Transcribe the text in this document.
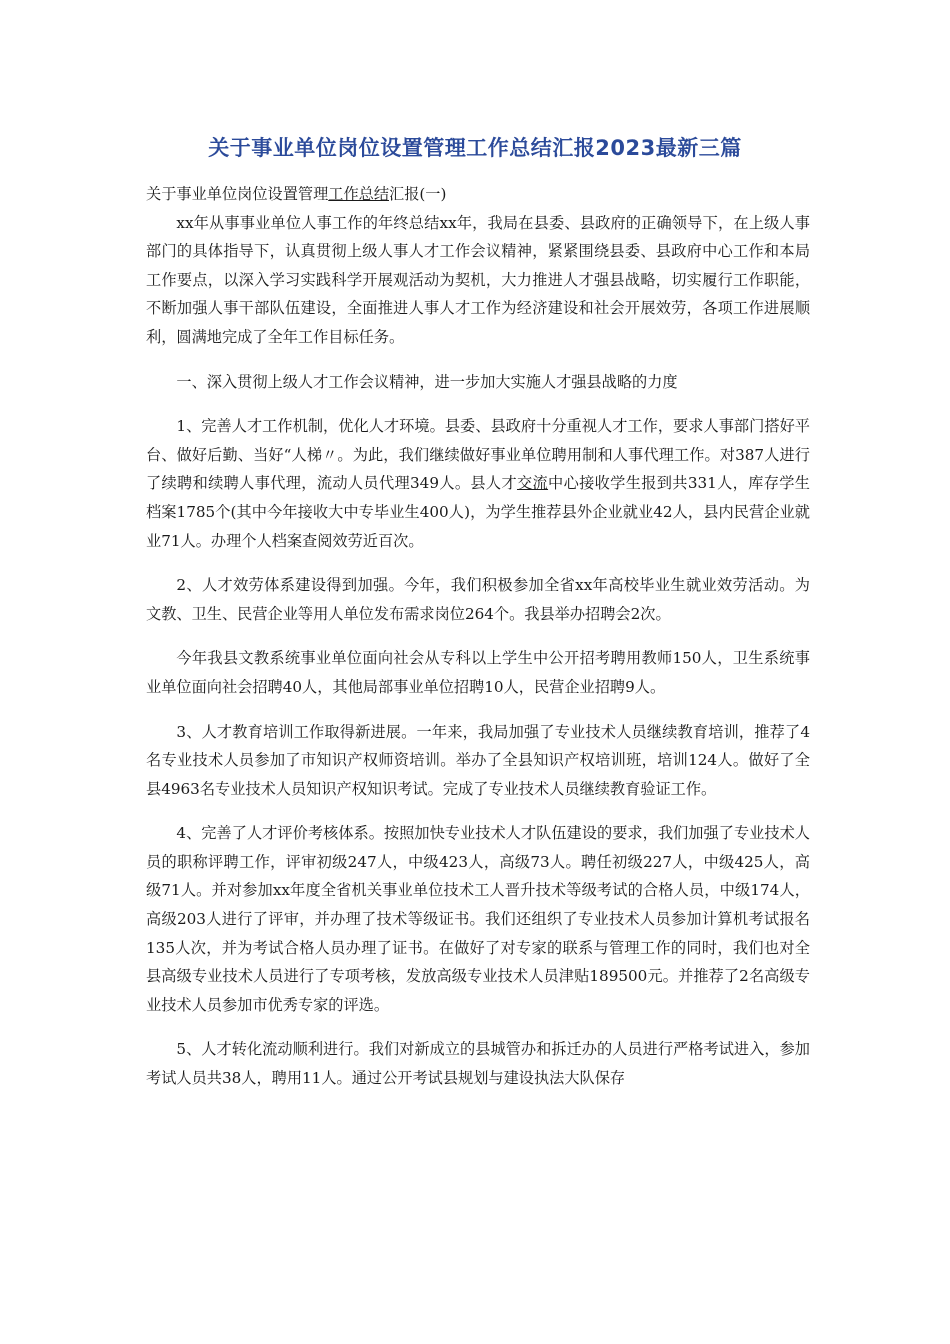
关于事业单位岗位设置管理工作总结汇报2023最新三篇

关于事业单位岗位设置管理工作总结汇报(一)

xx年从事事业单位人事工作的年终总结xx年，我局在县委、县政府的正确领导下，在上级人事部门的具体指导下，认真贯彻上级人事人才工作会议精神，紧紧围绕县委、县政府中心工作和本局工作要点，以深入学习实践科学开展观活动为契机，大力推进人才强县战略，切实履行工作职能，不断加强人事干部队伍建设，全面推进人事人才工作为经济建设和社会开展效劳，各项工作进展顺利，圆满地完成了全年工作目标任务。

一、深入贯彻上级人才工作会议精神，进一步加大实施人才强县战略的力度

1、完善人才工作机制，优化人才环境。县委、县政府十分重视人才工作，要求人事部门搭好平台、做好后勤、当好“人梯〃。为此，我们继续做好事业单位聘用制和人事代理工作。对387人进行了续聘和续聘人事代理，流动人员代理349人。县人才交流中心接收学生报到共331人，库存学生档案1785个(其中今年接收大中专毕业生400人)，为学生推荐县外企业就业42人，县内民营企业就业71人。办理个人档案查阅效劳近百次。

2、人才效劳体系建设得到加强。今年，我们积极参加全省xx年高校毕业生就业效劳活动。为文教、卫生、民营企业等用人单位发布需求岗位264个。我县举办招聘会2次。

今年我县文教系统事业单位面向社会从专科以上学生中公开招考聘用教师150人，卫生系统事业单位面向社会招聘40人，其他局部事业单位招聘10人，民营企业招聘9人。

3、人才教育培训工作取得新进展。一年来，我局加强了专业技术人员继续教育培训，推荐了4名专业技术人员参加了市知识产权师资培训。举办了全县知识产权培训班，培训124人。做好了全县4963名专业技术人员知识产权知识考试。完成了专业技术人员继续教育验证工作。

4、完善了人才评价考核体系。按照加快专业技术人才队伍建设的要求，我们加强了专业技术人员的职称评聘工作，评审初级247人，中级423人，高级73人。聘任初级227人，中级425人，高级71人。并对参加xx年度全省机关事业单位技术工人晋升技术等级考试的合格人员，中级174人，高级203人进行了评审，并办理了技术等级证书。我们还组织了专业技术人员参加计算机考试报名135人次，并为考试合格人员办理了证书。在做好了对专家的联系与管理工作的同时，我们也对全县高级专业技术人员进行了专项考核，发放高级专业技术人员津贴189500元。并推荐了2名高级专业技术人员参加市优秀专家的评选。

5、人才转化流动顺利进行。我们对新成立的县城管办和拆迁办的人员进行严格考试进入，参加考试人员共38人，聘用11人。通过公开考试县规划与建设执法大队保存
